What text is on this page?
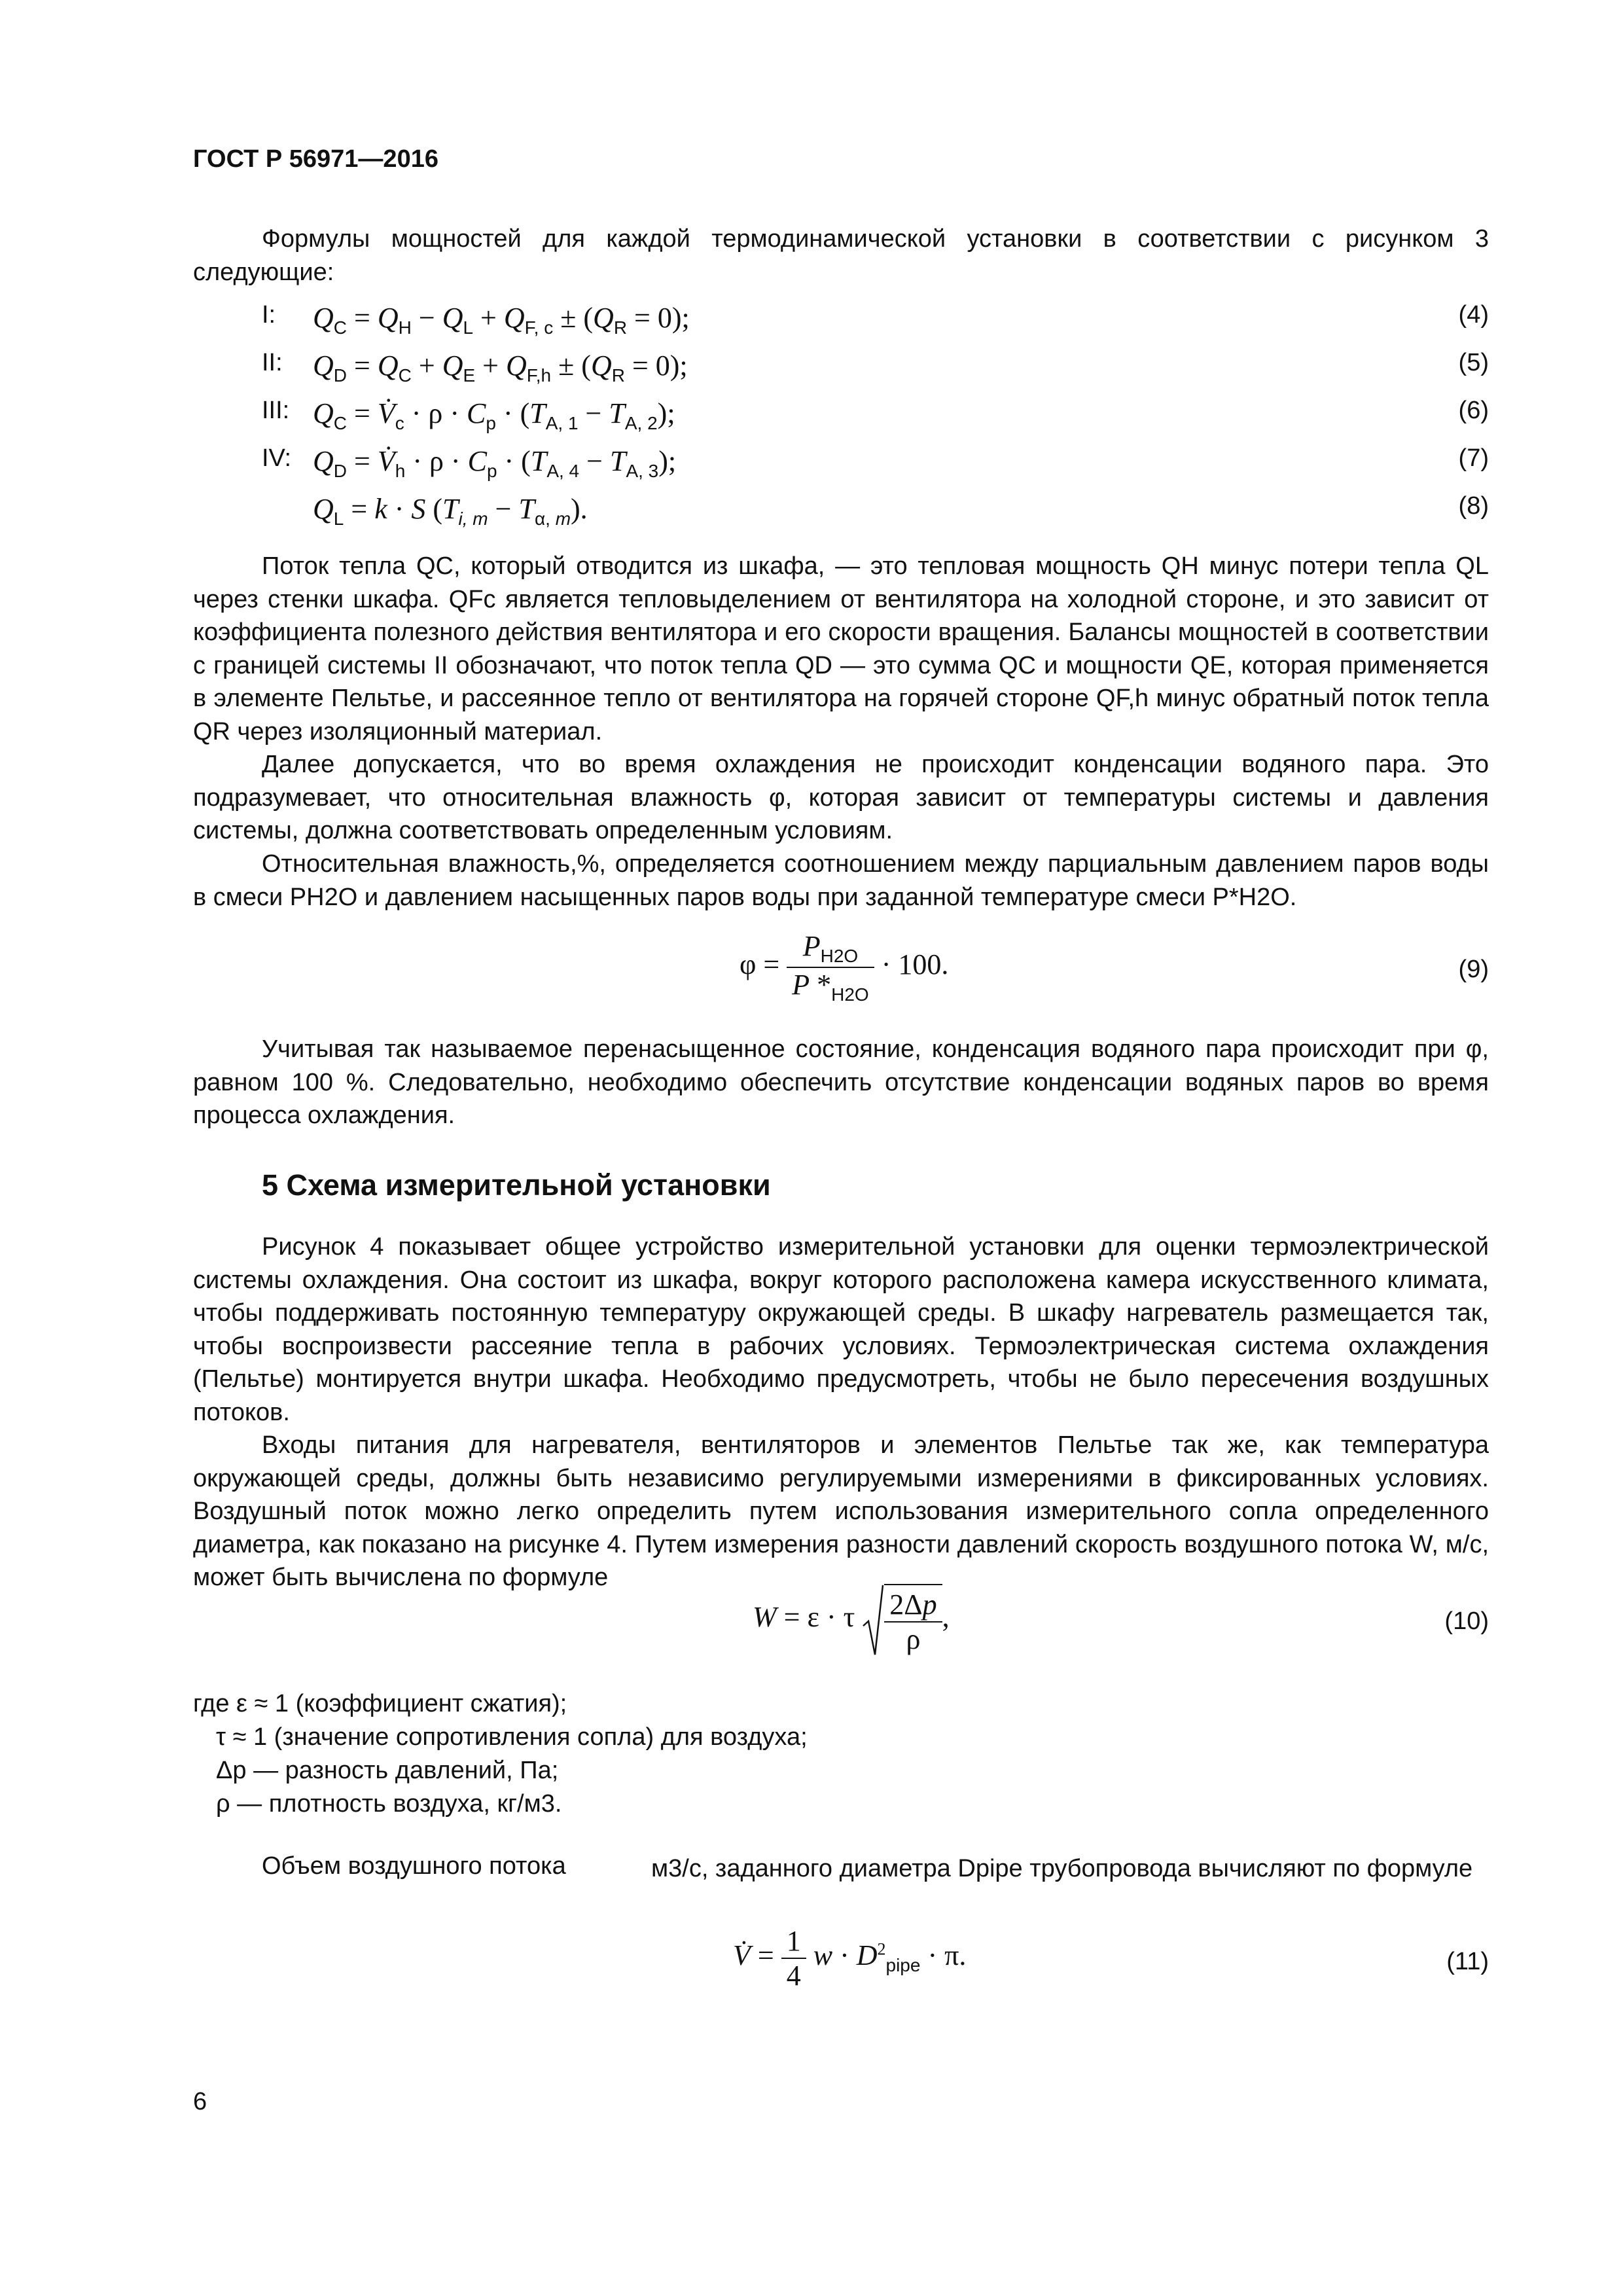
ГОСТ Р 56971—2016

Формулы мощностей для каждой термодинамической установки в соответствии с рисунком 3 следующие:

I: $Q_C = Q_H - Q_L + Q_{F, c} \pm (Q_R = 0)$;	(4)
II: $Q_D = Q_C + Q_E + Q_{F,h} \pm (Q_R = 0)$;	(5)
III: $Q_C$ = $V̇_c \cdot \rho \cdot C_p \cdot (T_{A, 1} - T_{A, 2})$;	(6)
IV: $Q_D$ = $V̇_h \cdot \rho \cdot C_p \cdot (T_{A, 4} - T_{A, 3})$;	(7)
$Q_L = k \cdot S$ $(T_{i, m} - T_{\alpha, m})$.	(8)

Поток тепла QC, который отводится из шкафа, — это тепловая мощность QH минус потери тепла QL через стенки шкафа. QFc является тепловыделением от вентилятора на холодной стороне, и это зависит от коэффициента полезного действия вентилятора и его скорости вращения. Балансы мощностей в соответствии с границей системы II обозначают, что поток тепла QD — это сумма QC и мощности QE, которая применяется в элементе Пельтье, и рассеянное тепло от вентилятора на горячей стороне QF,h минус обратный поток тепла QR через изоляционный материал.

Далее допускается, что во время охлаждения не происходит конденсации водяного пара. Это подразумевает, что относительная влажность φ, которая зависит от температуры системы и давления системы, должна соответствовать определенным условиям.

Относительная влажность,%, определяется соотношением между парциальным давлением паров воды в смеси PH2O и давлением насыщенных паров воды при заданной температуре смеси P*H2O.

$\varphi = \frac{P_{H2O}}{P *_{H2O}} \cdot 100$.	(9)

Учитывая так называемое перенасыщенное состояние, конденсация водяного пара происходит при φ, равном 100 %. Следовательно, необходимо обеспечить отсутствие конденсации водяных паров во время процесса охлаждения.

5 Схема измерительной установки

Рисунок 4 показывает общее устройство измерительной установки для оценки термоэлектрической системы охлаждения. Она состоит из шкафа, вокруг которого расположена камера искусственного климата, чтобы поддерживать постоянную температуру окружающей среды. В шкафу нагреватель размещается так, чтобы воспроизвести рассеяние тепла в рабочих условиях. Термоэлектрическая система охлаждения (Пельтье) монтируется внутри шкафа. Необходимо предусмотреть, чтобы не было пересечения воздушных потоков.

Входы питания для нагревателя, вентиляторов и элементов Пельтье так же, как температура окружающей среды, должны быть независимо регулируемыми измерениями в фиксированных условиях. Воздушный поток можно легко определить путем использования измерительного сопла определенного диаметра, как показано на рисунке 4. Путем измерения разности давлений скорость воздушного потока W, м/с, может быть вычислена по формуле

W = ε · τ $\frac{2\Delta p}{\rho}$ ,	(10)
где ε ≈ 1 (коэффициент сжатия);
τ ≈ 1 (значение сопротивления сопла) для воздуха;
Δp — разность давлений, Па;
ρ — плотность воздуха, кг/м3.
Объем воздушного потока	м3/с, заданного диаметра Dpipe трубопровода вычисляют по формуле

V̇ = $\frac{1}{4}$ $w \cdot D^2_{pipe} \cdot \pi$.	(11)
6
